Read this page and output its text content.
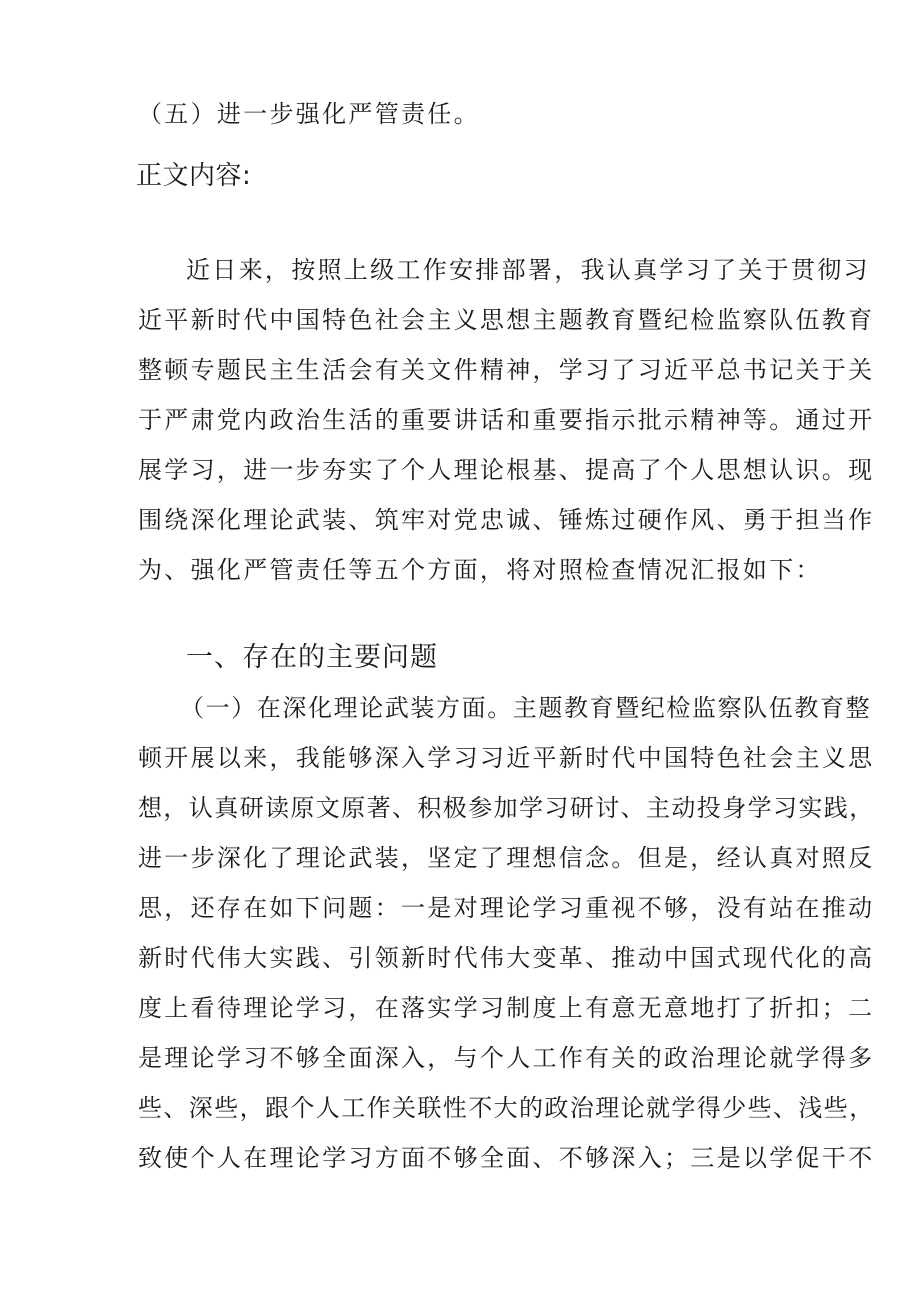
（五）进一步强化严管责任。
正文内容:
近日来，按照上级工作安排部署，我认真学习了关于贯彻习
近平新时代中国特色社会主义思想主题教育暨纪检监察队伍教育
整顿专题民主生活会有关文件精神，学习了习近平总书记关于关
于严肃党内政治生活的重要讲话和重要指示批示精神等。通过开
展学习，进一步夯实了个人理论根基、提高了个人思想认识。现
围绕深化理论武装、筑牢对党忠诚、锤炼过硬作风、勇于担当作
为、强化严管责任等五个方面，将对照检查情况汇报如下：
一、存在的主要问题
（一）在深化理论武装方面。主题教育暨纪检监察队伍教育整
顿开展以来，我能够深入学习习近平新时代中国特色社会主义思
想，认真研读原文原著、积极参加学习研讨、主动投身学习实践，
进一步深化了理论武装，坚定了理想信念。但是，经认真对照反
思，还存在如下问题：一是对理论学习重视不够，没有站在推动
新时代伟大实践、引领新时代伟大变革、推动中国式现代化的高
度上看待理论学习，在落实学习制度上有意无意地打了折扣；二
是理论学习不够全面深入，与个人工作有关的政治理论就学得多
些、深些，跟个人工作关联性不大的政治理论就学得少些、浅些，
致使个人在理论学习方面不够全面、不够深入；三是以学促干不
